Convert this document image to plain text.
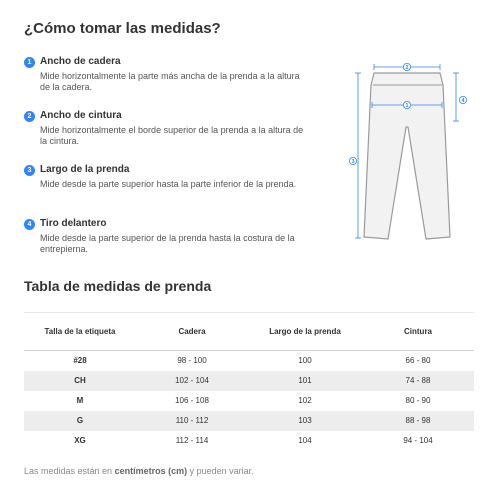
¿Cómo tomar las medidas?
1 Ancho de cadera

Mide horizontalmente la parte más ancha de la prenda a la altura de la cadera.

2 Ancho de cintura

Mide horizontalmente el borde superior de la prenda a la altura de la cintura.

3 Largo de la prenda

Mide desde la parte superior hasta la parte inferior de la prenda.

4 Tiro delantero

Mide desde la parte superior de la prenda hasta la costura de la entrepierna.

2
1
4
3
Tabla de medidas de prenda
Talla de la etiqueta	Cadera	Largo de la prenda	Cintura
#28	98 - 100	100	66 - 80
CH	102 - 104	101	74 - 88
M	106 - 108	102	80 - 90
G	110 - 112	103	88 - 98
XG	112 - 114	104	94 - 104

Las medidas están en centímetros (cm) y pueden variar.
